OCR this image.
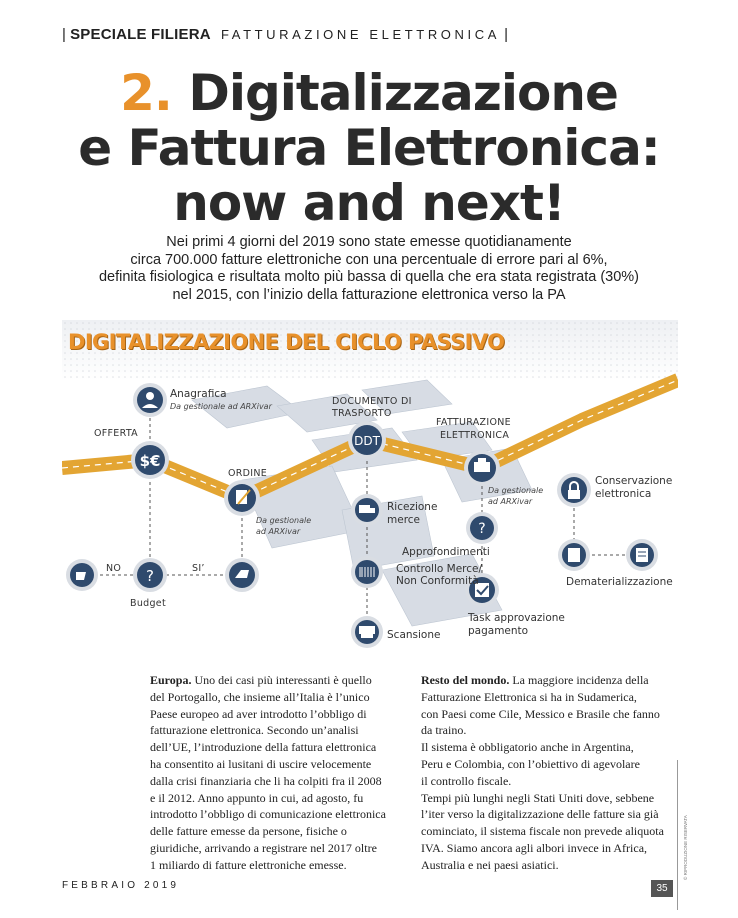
| SPECIALE FILIERA FATTURAZIONE ELETTRONICA |
2. Digitalizzazione
e Fattura Elettronica:
now and next!
Nei primi 4 giorni del 2019 sono state emesse quotidianamente
circa 700.000 fatture elettroniche con una percentuale di errore pari al 6%,
definita fisiologica e risultata molto più bassa di quella che era stata registrata (30%)
nel 2015, con l’inizio della fatturazione elettronica verso la PA
$€
DDT
?
?
DIGITALIZZAZIONE DEL CICLO PASSIVO
Anagrafica
Da gestionale ad ARXivar
OFFERTA
DOCUMENTO DI
TRASPORTO
FATTURAZIONE
ELETTRONICA
ORDINE
Da gestionale
ad ARXivar
Da gestionale
ad ARXivar
Conservazione
elettronica
Ricezione
merce
NO	SI’
Budget
Approfondimenti
Controllo Merce/
Non Conformità	Dematerializzazione
Task approvazione
pagamento
Scansione

Europa. Uno dei casi più interessanti è quello

del Portogallo, che insieme all’Italia è l’unico

Paese europeo ad aver introdotto l’obbligo di

fatturazione elettronica. Secondo un’analisi

dell’UE, l’introduzione della fattura elettronica

ha consentito ai lusitani di uscire velocemente

dalla crisi finanziaria che li ha colpiti fra il 2008

e il 2012. Anno appunto in cui, ad agosto, fu

introdotto l’obbligo di comunicazione elettronica

delle fatture emesse da persone, fisiche o

giuridiche, arrivando a registrare nel 2017 oltre

1 miliardo di fatture elettroniche emesse.

Resto del mondo. La maggiore incidenza della

Fatturazione Elettronica si ha in Sudamerica,

con Paesi come Cile, Messico e Brasile che fanno

da traino.

Il sistema è obbligatorio anche in Argentina,

Peru e Colombia, con l’obiettivo di agevolare

il controllo fiscale.

Tempi più lunghi negli Stati Uniti dove, sebbene

l’iter verso la digitalizzazione delle fatture sia già

cominciato, il sistema fiscale non prevede aliquota

IVA. Siamo ancora agli albori invece in Africa,

Australia e nei paesi asiatici.

FEBBRAIO 2019	35
© RIPRODUZIONE RISERVATA
